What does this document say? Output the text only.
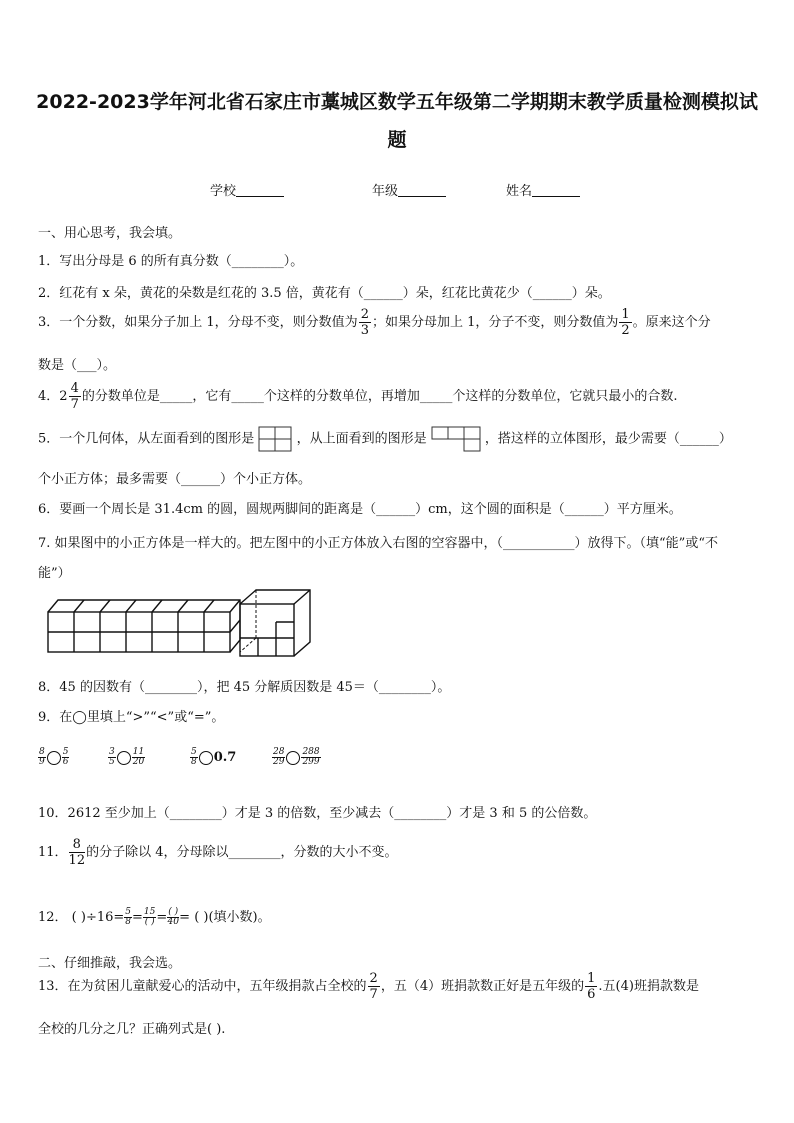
2022-2023学年河北省石家庄市藁城区数学五年级第二学期期末教学质量检测模拟试
题
学校	年级	姓名
一、用心思考，我会填。
1．写出分母是 6 的所有真分数（________）。
2．红花有 x 朵，黄花的朵数是红花的 3.5 倍，黄花有（______）朵，红花比黄花少（______）朵。
3．一个分数，如果分子加上 1，分母不变，则分数值为 $\frac{2}{3}$ ；如果分母加上 1，分子不变，则分数值为 $\frac{1}{2}$ 。原来这个分
数是（___）。
4．$2 \frac{4}{7}$ 的分数单位是_____，它有_____个这样的分数单位，再增加_____个这样的分数单位，它就只最小的合数.
5．一个几何体，从左面看到的图形是	，从上面看到的图形是	，搭这样的立体图形，最少需要（______）
个小正方体；最多需要（______）个小正方体。
6．要画一个周长是 31.4cm 的圆，圆规两脚间的距离是（______）cm，这个圆的面积是（______）平方厘米。
7. 如果图中的小正方体是一样大的。把左图中的小正方体放入右图的空容器中，（___________）放得下。（填“能”或“不
能”）
8．45 的因数有（________），把 45 分解质因数是 45＝（________）。
9．在◯里填上“>”“<”或“=”。
$\frac{8}{9} \frac{5}{6}$	$\frac{3}{5} \frac{11}{20}$	$\frac{5}{8} 0.7$	$\frac{28}{29} \frac{288}{299}$
10．2612 至少加上（________）才是 3 的倍数，至少减去（________）才是 3 和 5 的公倍数。
11． $\frac{8}{12}$ 的分子除以 4，分母除以________，分数的大小不变。
12． ( )$\div 16= \frac{5}{8} = 15$
( ) = ( )
40 = ( )(填小数)。
二、仔细推敲，我会选。
13．在为贫困儿童献爱心的活动中，五年级捐款占全校的 $\frac{2}{7}$ ，五（4）班捐款数正好是五年级的 $\frac{1}{6}$ .五(4)班捐款数是
全校的几分之几？正确列式是( ).
